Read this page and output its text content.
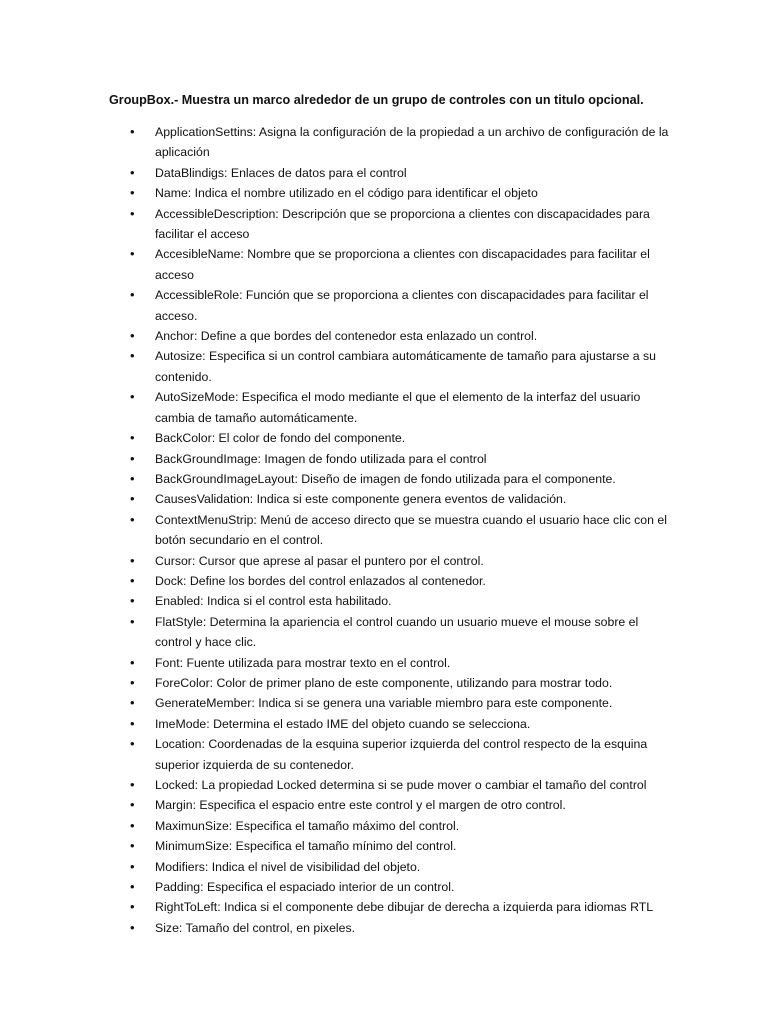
GroupBox.- Muestra un marco alrededor de un grupo de controles con un titulo opcional.
• ApplicationSettins: Asigna la configuración de la propiedad a un archivo de configuración de la aplicación
• DataBlindigs: Enlaces de datos para el control
• Name: Indica el nombre utilizado en el código para identificar el objeto
• AccessibleDescription: Descripción que se proporciona a clientes con discapacidades para facilitar el acceso
• AccesibleName: Nombre que se proporciona a clientes con discapacidades para facilitar el acceso
• AccessibleRole: Función que se proporciona a clientes con discapacidades para facilitar el acceso.
• Anchor: Define a que bordes del contenedor esta enlazado un control.
• Autosize: Especifica si un control cambiara automáticamente de tamaño para ajustarse a su contenido.
• AutoSizeMode: Especifica el modo mediante el que el elemento de la interfaz del usuario cambia de tamaño automáticamente.
• BackColor: El color de fondo del componente.
• BackGroundImage: Imagen de fondo utilizada para el control
• BackGroundImageLayout: Diseño de imagen de fondo utilizada para el componente.
• CausesValidation: Indica si este componente genera eventos de validación.
• ContextMenuStrip: Menú de acceso directo que se muestra cuando el usuario hace clic con el botón secundario en el control.
• Cursor: Cursor que aprese al pasar el puntero por el control.
• Dock: Define los bordes del control enlazados al contenedor.
• Enabled: Indica si el control esta habilitado.
• FlatStyle: Determina la apariencia el control cuando un usuario mueve el mouse sobre el control y hace clic.
• Font: Fuente utilizada para mostrar texto en el control.
• ForeColor: Color de primer plano de este componente, utilizando para mostrar todo.
• GenerateMember: Indica si se genera una variable miembro para este componente.
• ImeMode: Determina el estado IME del objeto cuando se selecciona.
• Location: Coordenadas de la esquina superior izquierda del control respecto de la esquina superior izquierda de su contenedor.
• Locked: La propiedad Locked determina si se pude mover o cambiar el tamaño del control
• Margin: Especifica el espacio entre este control y el margen de otro control.
• MaximunSize: Especifica el tamaño máximo del control.
• MinimumSize: Especifica el tamaño mínimo del control.
• Modifiers: Indica el nivel de visibilidad del objeto.
• Padding: Especifica el espaciado interior de un control.
• RightToLeft: Indica si el componente debe dibujar de derecha a izquierda para idiomas RTL
• Size: Tamaño del control, en pixeles.
